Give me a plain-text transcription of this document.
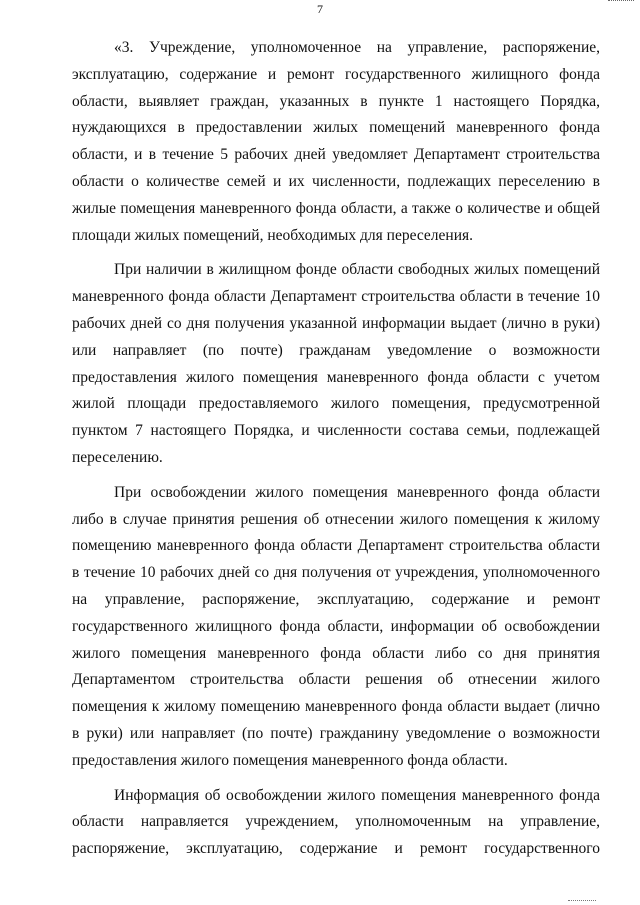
7

«3. Учреждение, уполномоченное на управление, распоряжение, эксплуатацию, содержание и ремонт государственного жилищного фонда области, выявляет граждан, указанных в пункте 1 настоящего Порядка, нуждающихся в предоставлении жилых помещений маневренного фонда области, и в течение 5 рабочих дней уведомляет Департамент строительства области о количестве семей и их численности, подлежащих переселению в жилые помещения маневренного фонда области, а также о количестве и общей
площади жилых помещений, необходимых для переселения.

При наличии в жилищном фонде области свободных жилых помещений маневренного фонда области Департамент строительства области в течение 10 рабочих дней со дня получения указанной информации выдает (лично в руки) или направляет (по почте) гражданам уведомление о возможности предоставления жилого помещения маневренного фонда области с учетом жилой площади предоставляемого жилого помещения, предусмотренной пунктом 7 настоящего Порядка, и численности состава семьи, подлежащей
переселению.

При освобождении жилого помещения маневренного фонда области либо в случае принятия решения об отнесении жилого помещения к жилому помещению маневренного фонда области Департамент строительства области в течение 10 рабочих дней со дня получения от учреждения, уполномоченного на управление, распоряжение, эксплуатацию, содержание и ремонт государственного жилищного фонда области, информации об освобождении жилого помещения маневренного фонда области либо со дня принятия Департаментом строительства области решения об отнесении жилого помещения к жилому помещению маневренного фонда области выдает (лично в руки) или направляет (по почте) гражданину уведомление о возможности
предоставления жилого помещения маневренного фонда области.

Информация об освобождении жилого помещения маневренного фонда области направляется учреждением, уполномоченным на управление, распоряжение, эксплуатацию, содержание и ремонт государственного
